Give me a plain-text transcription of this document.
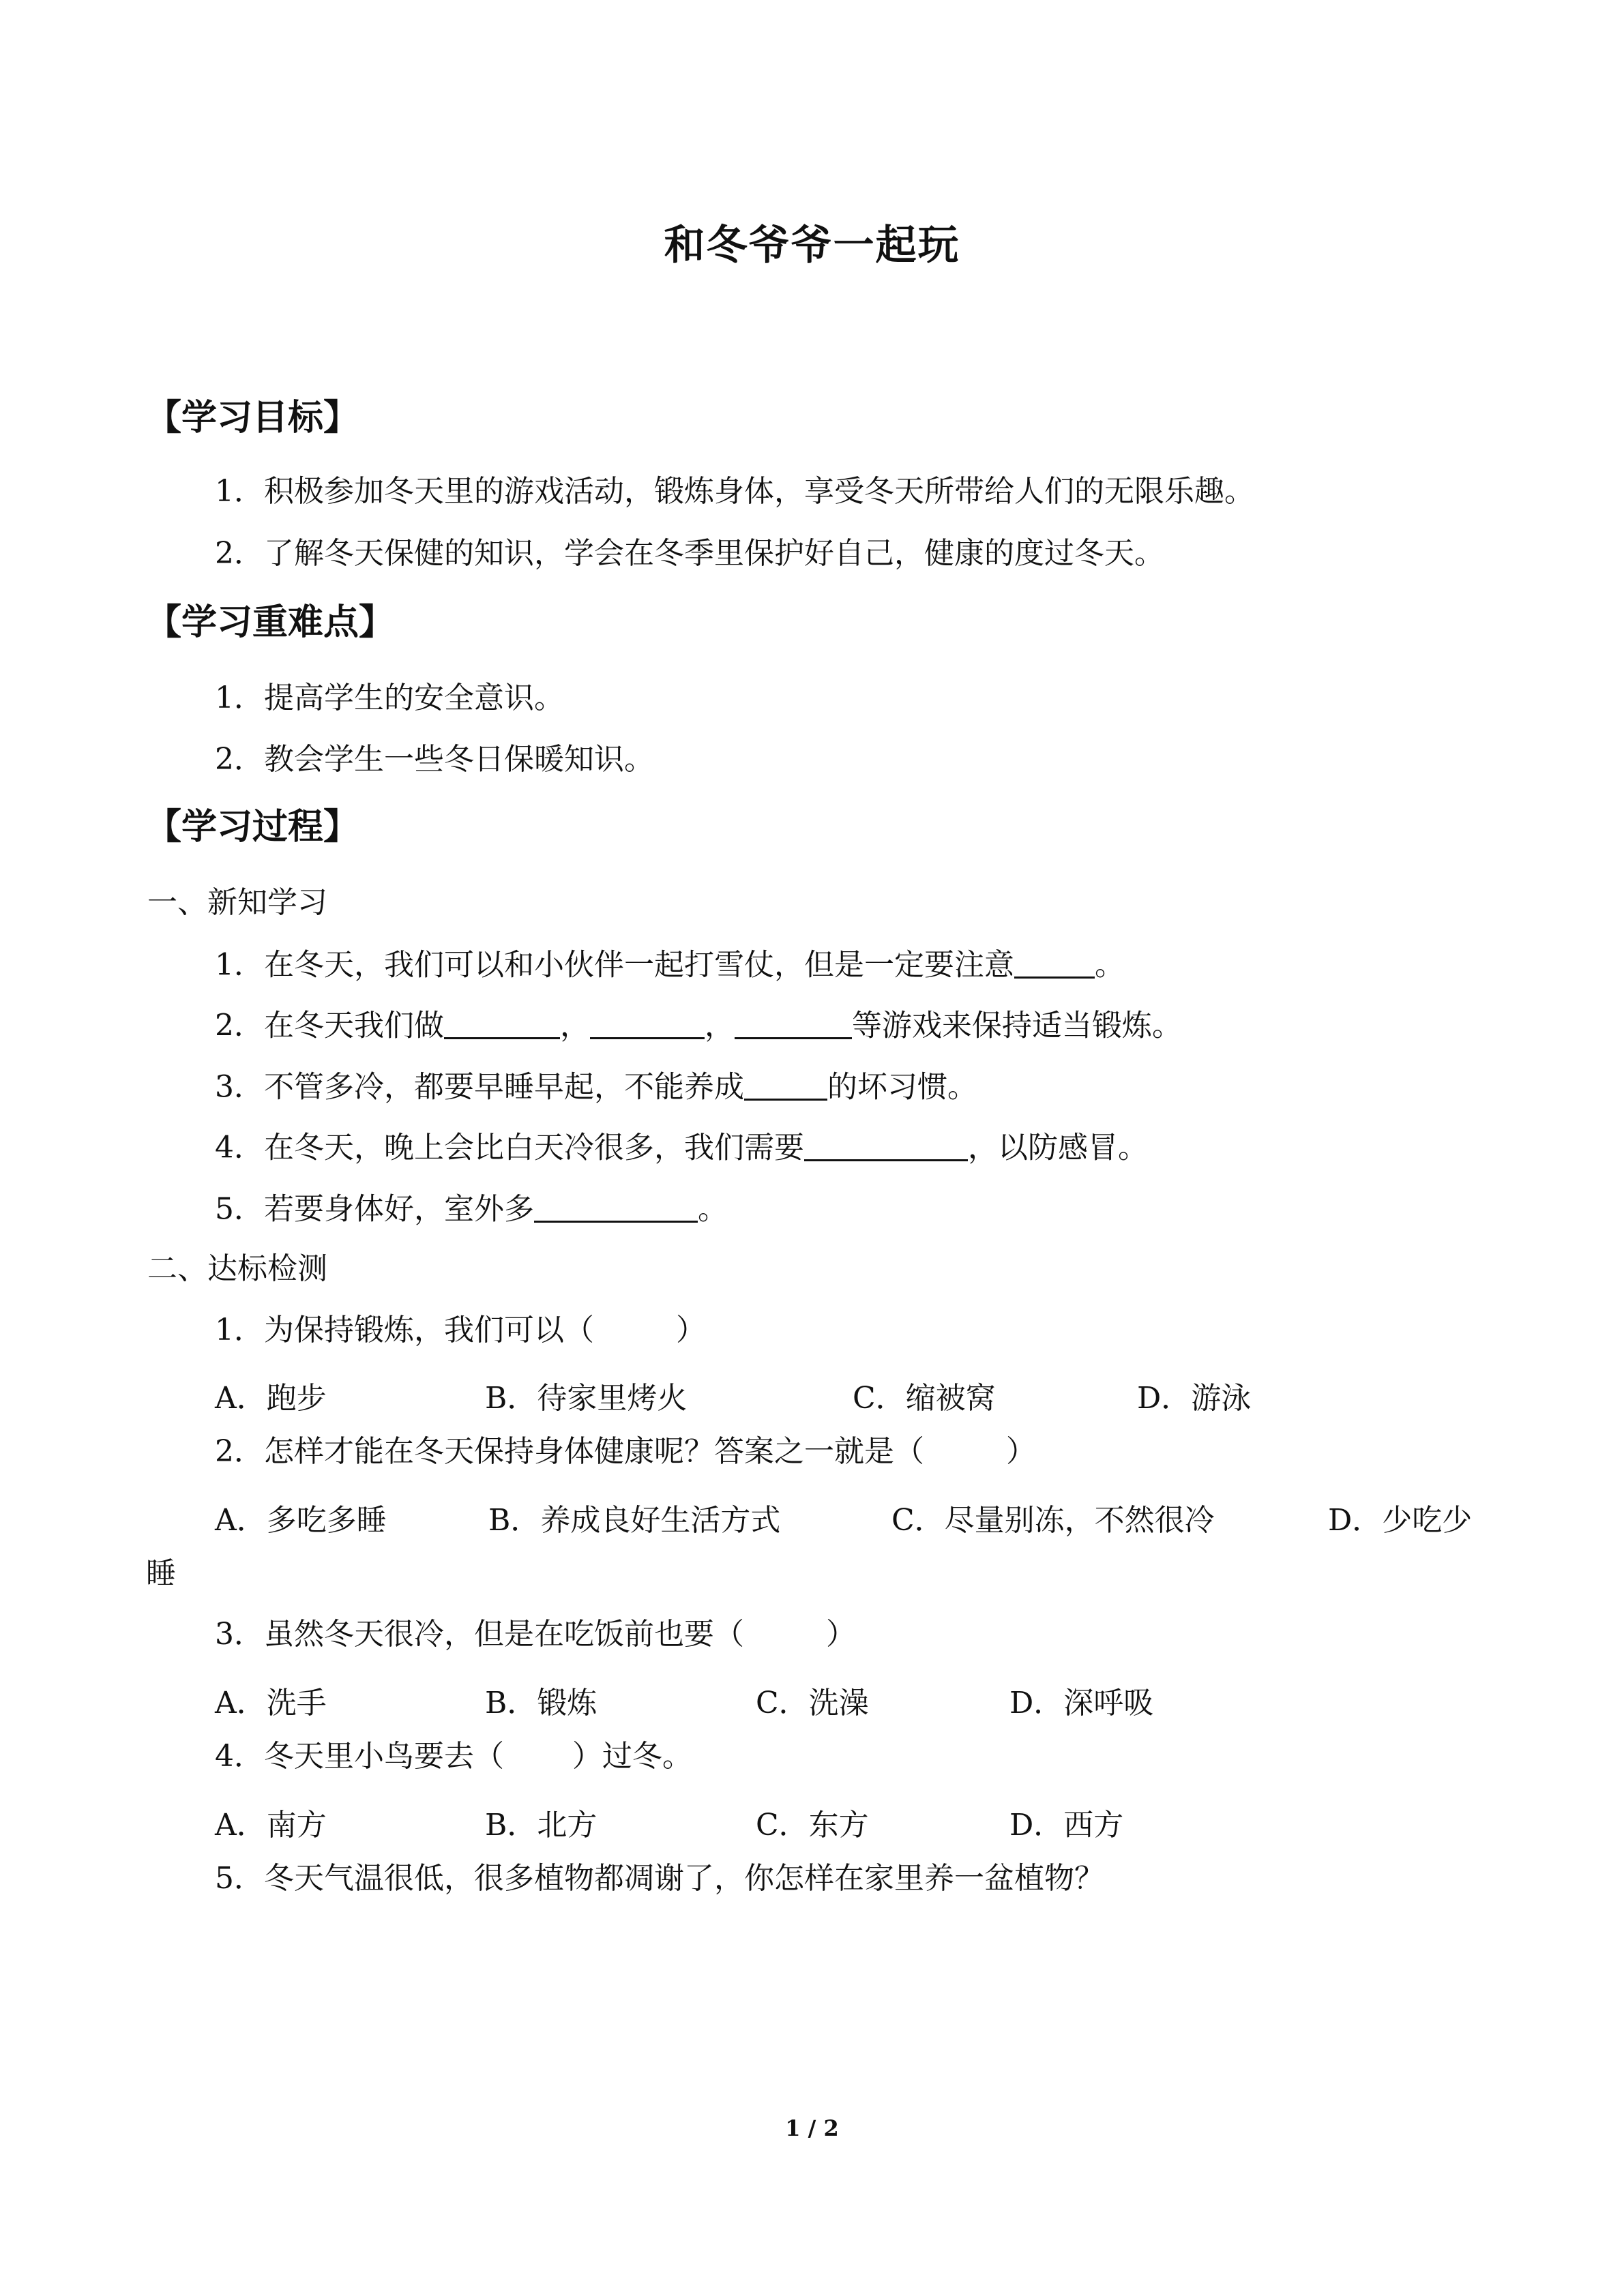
和冬爷爷一起玩
【学习目标】
1．积极参加冬天里的游戏活动，锻炼身体，享受冬天所带给人们的无限乐趣。
2．了解冬天保健的知识，学会在冬季里保护好自己，健康的度过冬天。
【学习重难点】
1．提高学生的安全意识。
2．教会学生一些冬日保暖知识。
【学习过程】
一、新知学习
1．在冬天，我们可以和小伙伴一起打雪仗，但是一定要注意	。
2．在冬天我们做	，	，	等游戏来保持适当锻炼。
3．不管多冷，都要早睡早起，不能养成	的坏习惯。
4．在冬天，晚上会比白天冷很多，我们需要	，以防感冒。
5．若要身体好，室外多	。
二、达标检测
1．为保持锻炼，我们可以（	）
A．跑步	B．待家里烤火	C．缩被窝	D．游泳
2．怎样才能在冬天保持身体健康呢？答案之一就是（	）
A．多吃多睡	B．养成良好生活方式	C．尽量别冻，不然很冷	D．少吃少
睡
3．虽然冬天很冷，但是在吃饭前也要（	）
A．洗手	B．锻炼	C．洗澡	D．深呼吸
4．冬天里小鸟要去（ ）过冬。
A．南方	B．北方	C．东方	D．西方
5．冬天气温很低，很多植物都凋谢了，你怎样在家里养一盆植物？
1 / 2
